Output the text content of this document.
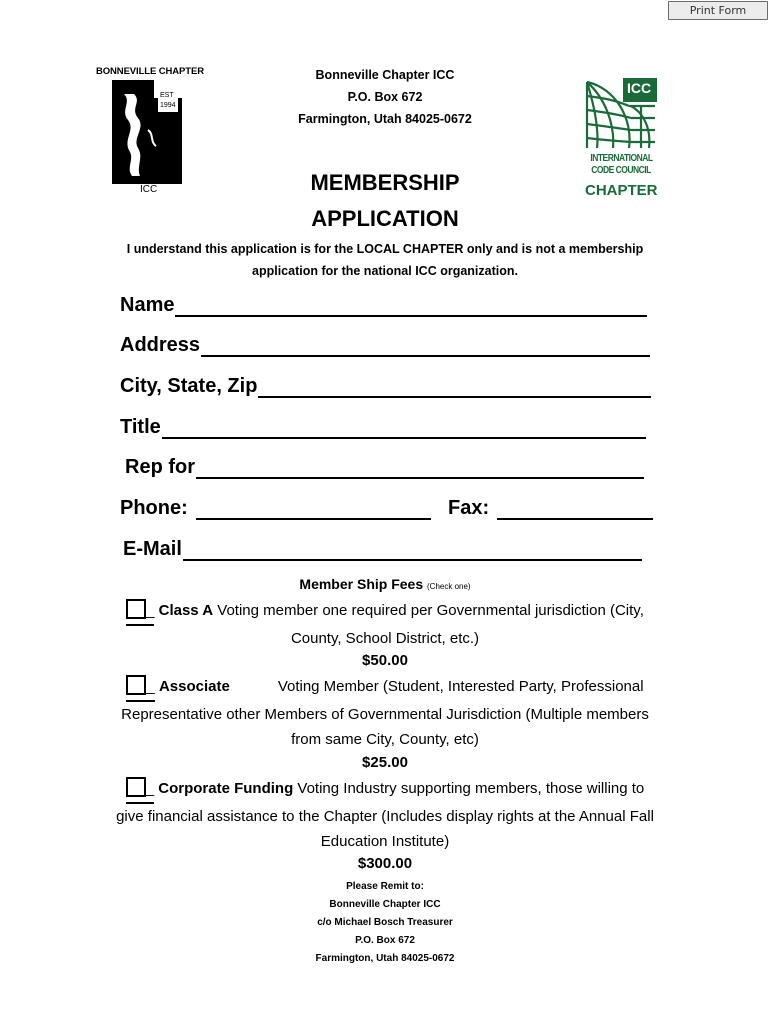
Print Form
BONNEVILLE CHAPTER
EST
1994
ICC
ICC
INTERNATIONAL
CODE COUNCIL
CHAPTER
Bonneville Chapter ICC
P.O. Box 672
Farmington, Utah 84025-0672
MEMBERSHIP
APPLICATION
I understand this application is for the LOCAL CHAPTER only and is not a membership
application for the national ICC organization.
Name
Address
City, State, Zip
Title
Rep for
Phone:	Fax:
E-Mail
Member Ship Fees (Check one)
_ Class A Voting member one required per Governmental jurisdiction (City,
County, School District, etc.)
$50.00
_ Associate	Voting Member (Student, Interested Party, Professional
Representative other Members of Governmental Jurisdiction (Multiple members
from same City, County, etc)
$25.00
_ Corporate Funding Voting Industry supporting members, those willing to
give financial assistance to the Chapter (Includes display rights at the Annual Fall
Education Institute)
$300.00
Please Remit to:
Bonneville Chapter ICC
c/o Michael Bosch Treasurer
P.O. Box 672
Farmington, Utah 84025-0672
